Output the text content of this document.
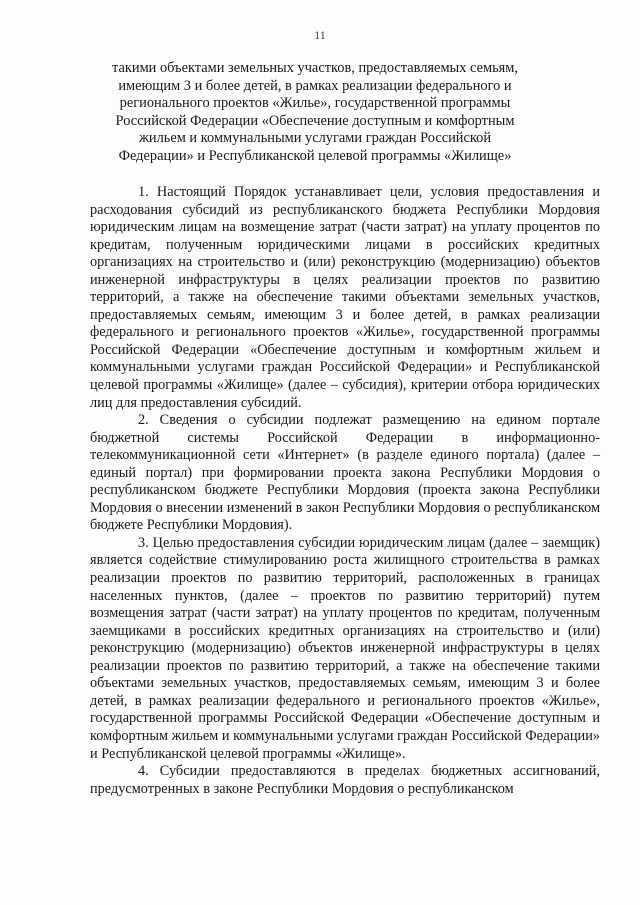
11
такими объектами земельных участков, предоставляемых семьям, имеющим 3 и более детей, в рамках реализации федерального и регионального проектов «Жилье», государственной программы Российской Федерации «Обеспечение доступным и комфортным жильем и коммунальными услугами граждан Российской Федерации» и Республиканской целевой программы «Жилище»

1. Настоящий Порядок устанавливает цели, условия предоставления и расходования субсидий из республиканского бюджета Республики Мордовия юридическим лицам на возмещение затрат (части затрат) на уплату процентов по кредитам, полученным юридическими лицами в российских кредитных организациях на строительство и (или) реконструкцию (модернизацию) объектов инженерной инфраструктуры в целях реализации проектов по развитию территорий, а также на обеспечение такими объектами земельных участков, предоставляемых семьям, имеющим 3 и более детей, в рамках реализации федерального и регионального проектов «Жилье», государственной программы Российской Федерации «Обеспечение доступным и комфортным жильем и коммунальными услугами граждан Российской Федерации» и Республиканской целевой программы «Жилище» (далее – субсидия), критерии отбора юридических лиц для предоставления субсидий.

2. Сведения о субсидии подлежат размещению на едином портале бюджетной системы Российской Федерации в информационно-телекоммуникационной сети «Интернет» (в разделе единого портала) (далее – единый портал) при формировании проекта закона Республики Мордовия о республиканском бюджете Республики Мордовия (проекта закона Республики Мордовия о внесении изменений в закон Республики Мордовия о республиканском бюджете Республики Мордовия).

3. Целью предоставления субсидии юридическим лицам (далее – заемщик) является содействие стимулированию роста жилищного строительства в рамках реализации проектов по развитию территорий, расположенных в границах населенных пунктов, (далее – проектов по развитию территорий) путем возмещения затрат (части затрат) на уплату процентов по кредитам, полученным заемщиками в российских кредитных организациях на строительство и (или) реконструкцию (модернизацию) объектов инженерной инфраструктуры в целях реализации проектов по развитию территорий, а также на обеспечение такими объектами земельных участков, предоставляемых семьям, имеющим 3 и более детей, в рамках реализации федерального и регионального проектов «Жилье», государственной программы Российской Федерации «Обеспечение доступным и комфортным жильем и коммунальными услугами граждан Российской Федерации» и Республиканской целевой программы «Жилище».

4. Субсидии предоставляются в пределах бюджетных ассигнований, предусмотренных в законе Республики Мордовия о республиканском
